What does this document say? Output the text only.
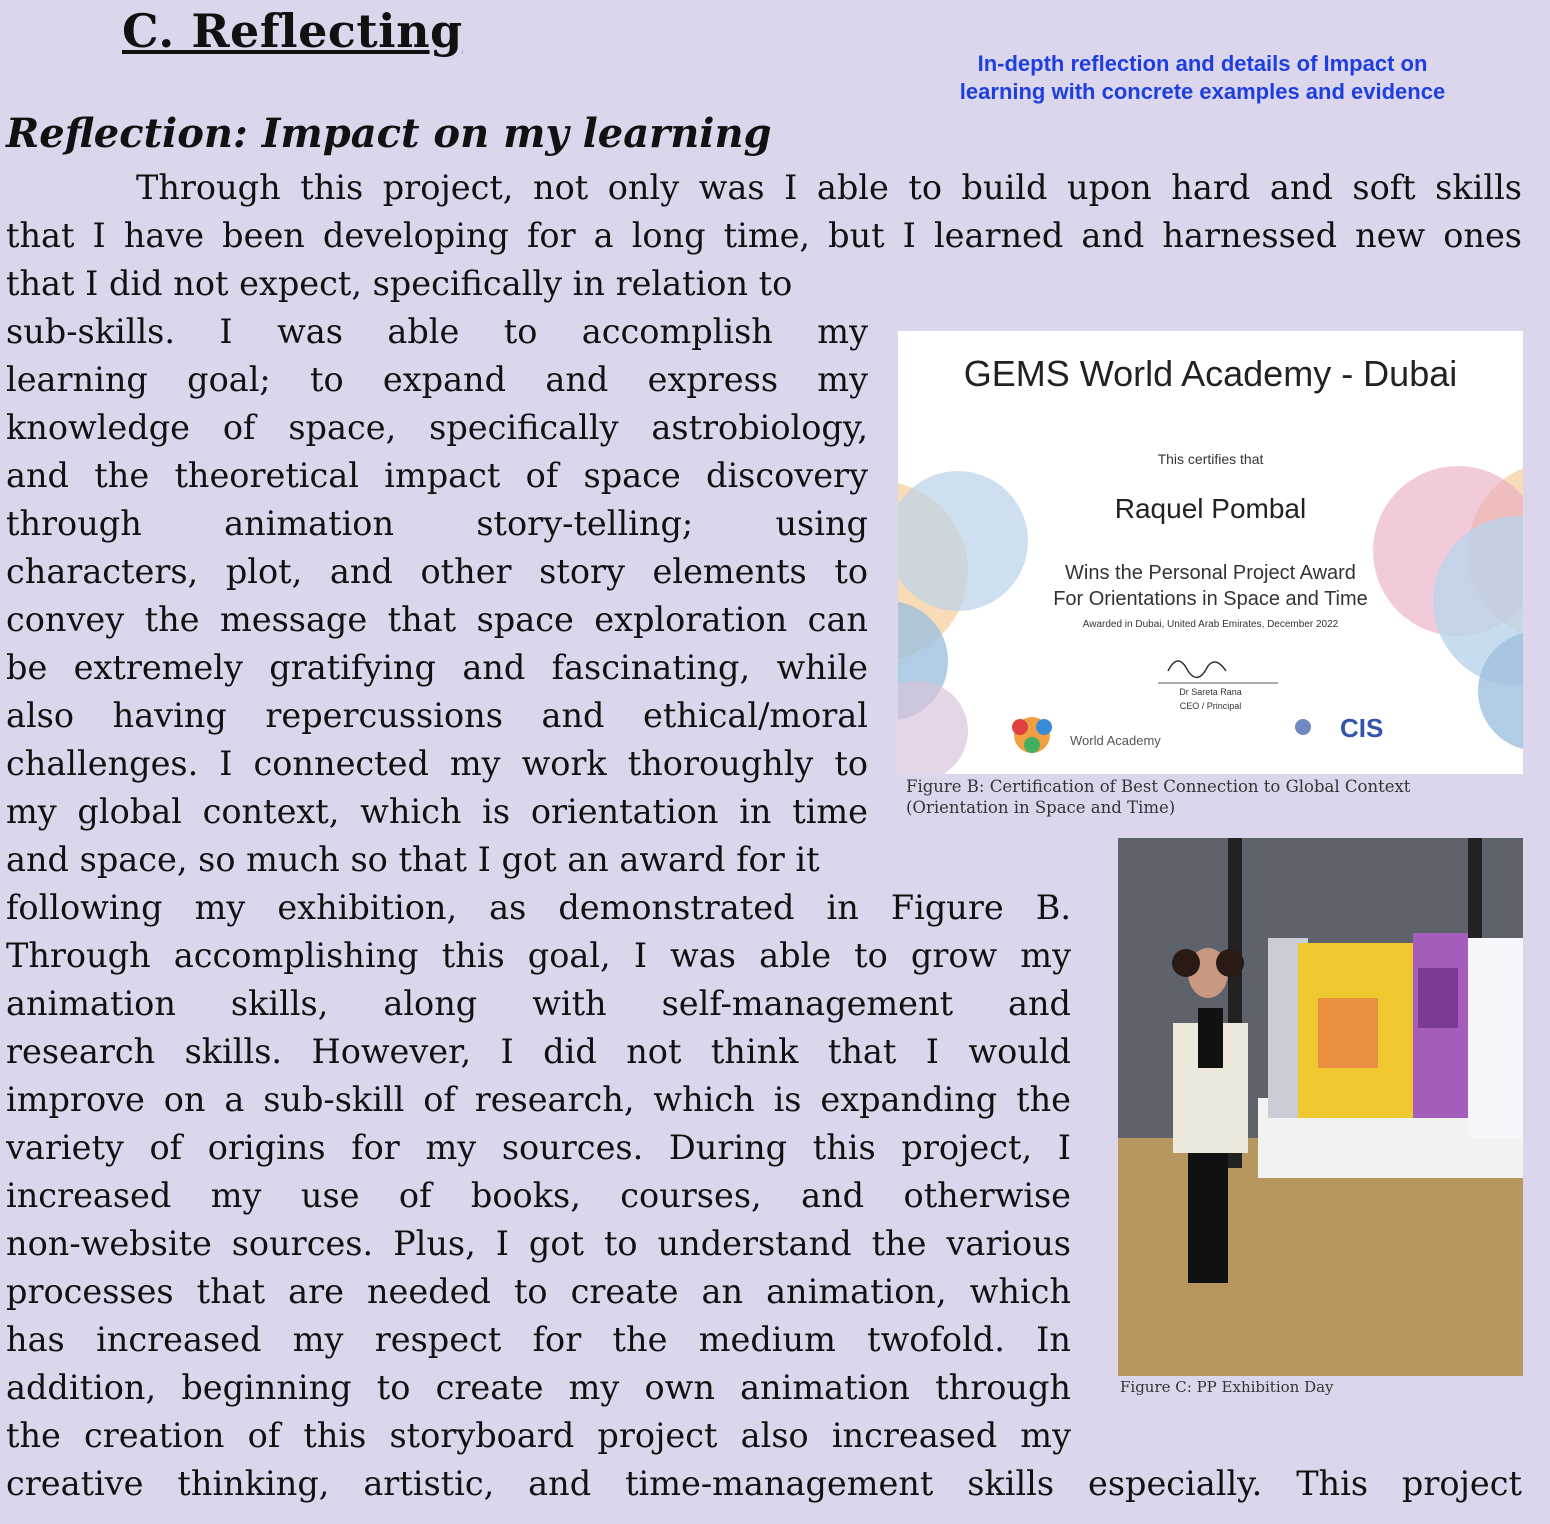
C. Reflecting
In-depth reflection and details of Impact on learning with concrete examples and evidence
Reflection: Impact on my learning
Through this project, not only was I able to build upon hard and soft skills
that I have been developing for a long time, but I learned and harnessed new ones
that I did not expect, specifically in relation to
sub-skills. I was able to accomplish my
learning goal; to expand and express my
knowledge of space, specifically astrobiology,
and the theoretical impact of space discovery
through animation story-telling; using
characters, plot, and other story elements to
convey the message that space exploration can
be extremely gratifying and fascinating, while
also having repercussions and ethical/moral
challenges. I connected my work thoroughly to
my global context, which is orientation in time
and space, so much so that I got an award for it
following my exhibition, as demonstrated in Figure B.
Through accomplishing this goal, I was able to grow my
animation skills, along with self-management and
research skills. However, I did not think that I would
improve on a sub-skill of research, which is expanding the
variety of origins for my sources. During this project, I
increased my use of books, courses, and otherwise
non-website sources. Plus, I got to understand the various
processes that are needed to create an animation, which
has increased my respect for the medium twofold. In
addition, beginning to create my own animation through
the creation of this storyboard project also increased my
creative thinking, artistic, and time-management skills especially. This project
GEMS World Academy - Dubai
This certifies that
Raquel Pombal
Wins the Personal Project Award
For Orientations in Space and Time
Awarded in Dubai, United Arab Emirates, December 2022
Dr Sareta Rana
CEO / Principal
World Academy	CIS
Figure B: Certification of Best Connection to Global Context
(Orientation in Space and Time)
Figure C: PP Exhibition Day
